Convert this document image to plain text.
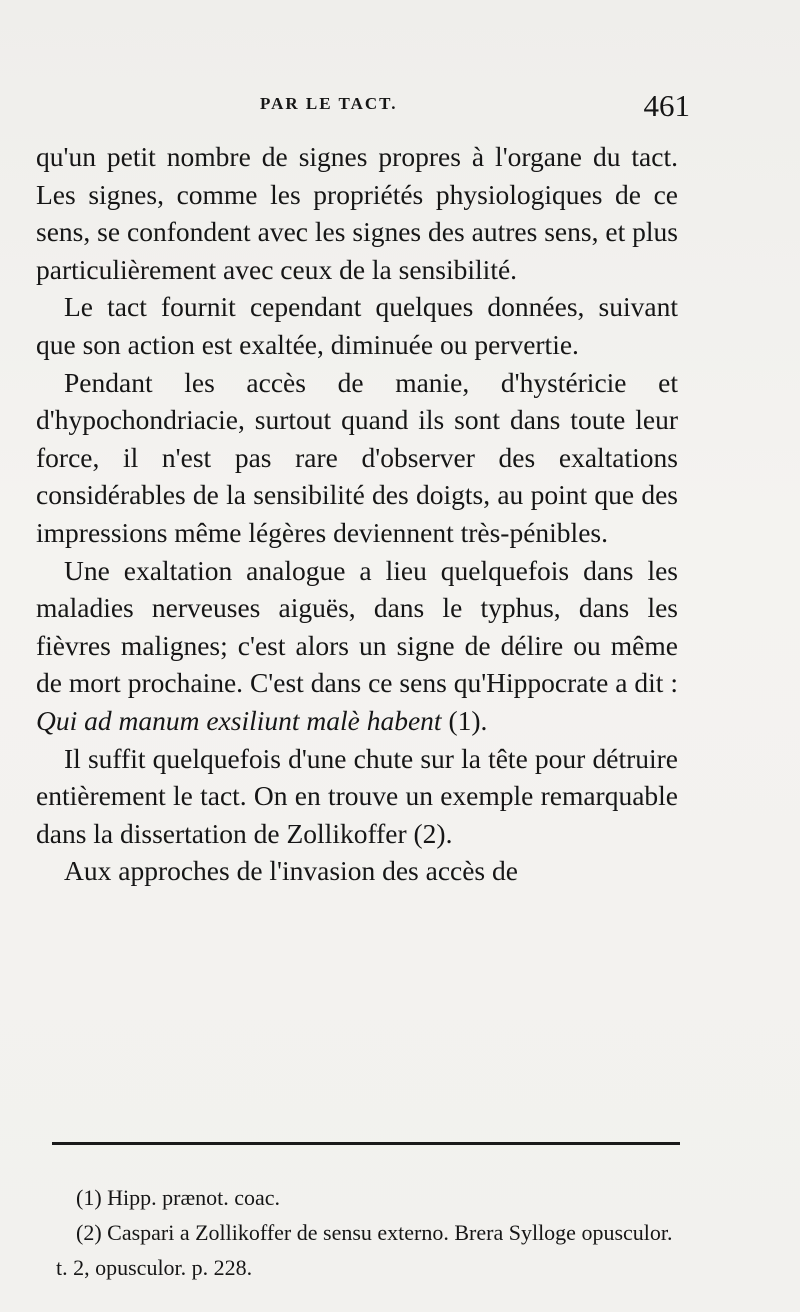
PAR LE TACT.	461

qu'un petit nombre de signes propres à l'organe du tact. Les signes, comme les propriétés physiologiques de ce sens, se confondent avec les signes des autres sens, et plus particulièrement avec ceux de la sensibilité.

Le tact fournit cependant quelques données, suivant que son action est exaltée, diminuée ou pervertie.

Pendant les accès de manie, d'hystéricie et d'hypochondriacie, surtout quand ils sont dans toute leur force, il n'est pas rare d'observer des exaltations considérables de la sensibilité des doigts, au point que des impressions même légères deviennent très-pénibles.

Une exaltation analogue a lieu quelquefois dans les maladies nerveuses aiguës, dans le typhus, dans les fièvres malignes; c'est alors un signe de délire ou même de mort prochaine. C'est dans ce sens qu'Hippocrate a dit : Qui ad manum exsiliunt malè habent (1).

Il suffit quelquefois d'une chute sur la tête pour détruire entièrement le tact. On en trouve un exemple remarquable dans la dissertation de Zollikoffer (2).

Aux approches de l'invasion des accès de

(1) Hipp. prænot. coac.

(2) Caspari a Zollikoffer de sensu externo. Brera Sylloge opusculor. t. 2, opusculor. p. 228.
